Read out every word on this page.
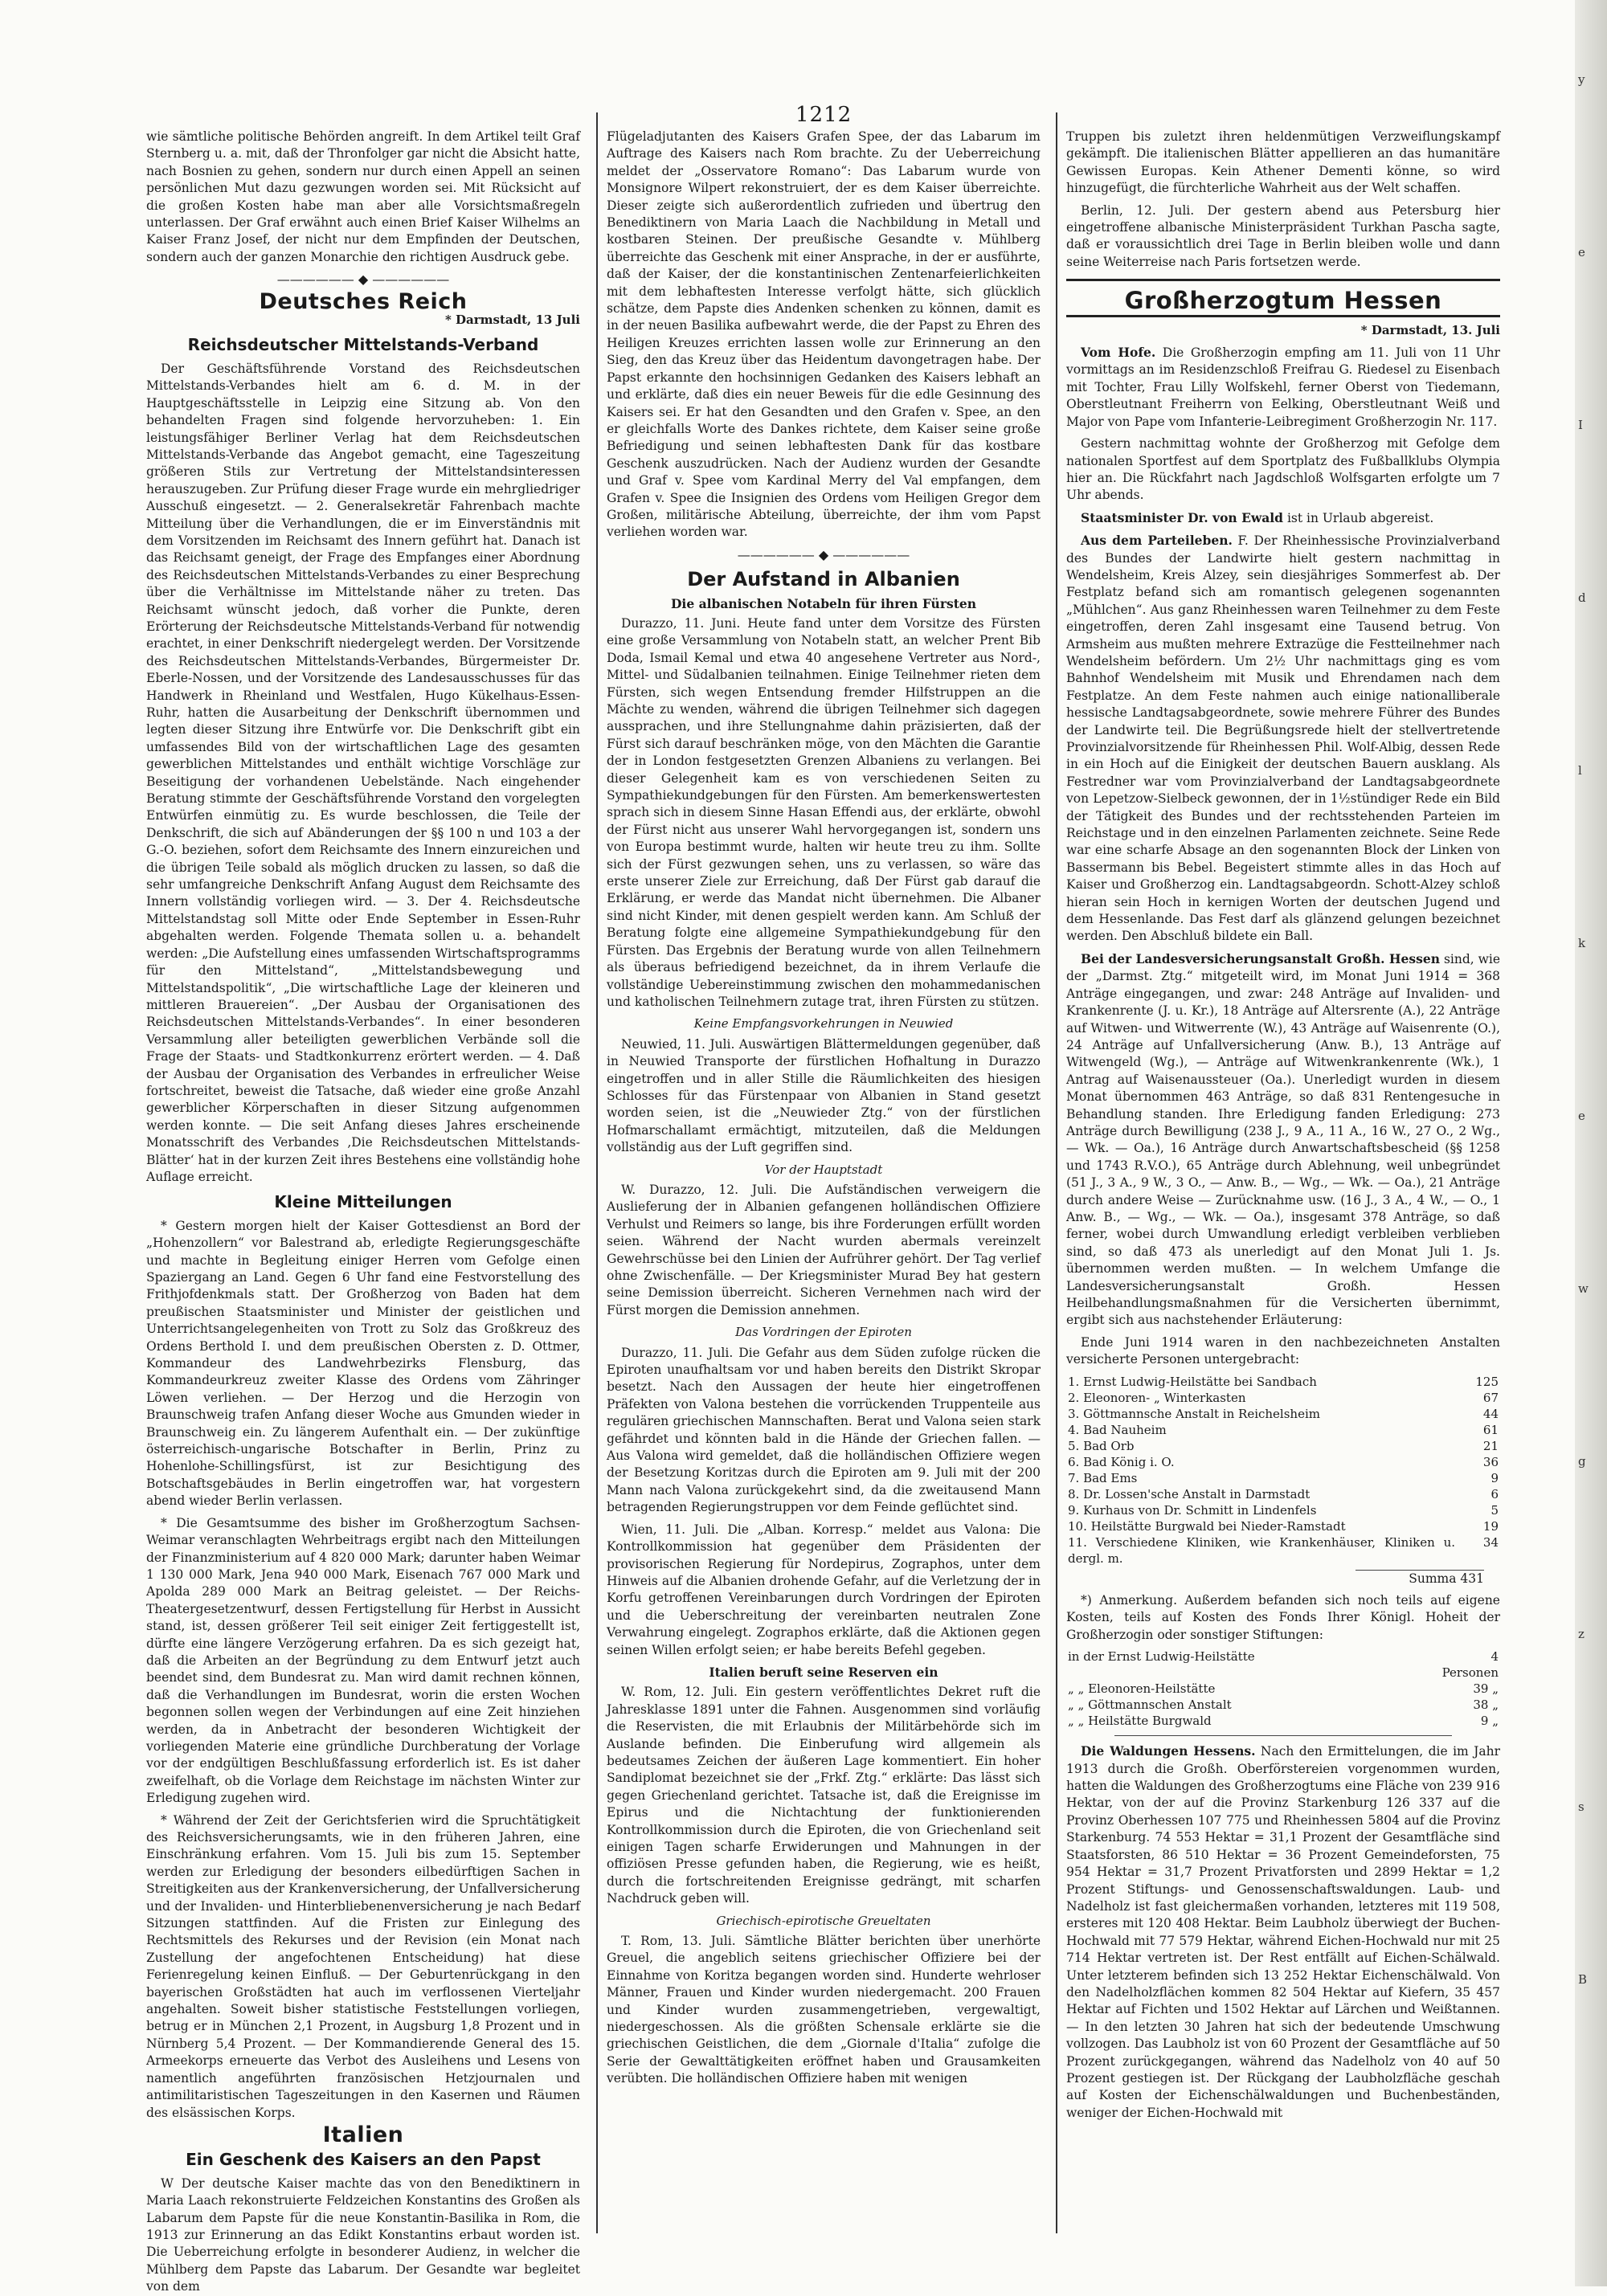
1212

wie sämtliche politische Behörden angreift. In dem Artikel teilt Graf Sternberg u. a. mit, daß der Thronfolger gar nicht die Absicht hatte, nach Bosnien zu gehen, sondern nur durch einen Appell an seinen persönlichen Mut dazu gezwungen worden sei. Mit Rücksicht auf die großen Kosten habe man aber alle Vorsichtsmaßregeln unterlassen. Der Graf erwähnt auch einen Brief Kaiser Wilhelms an Kaiser Franz Josef, der nicht nur dem Empfinden der Deutschen, sondern auch der ganzen Monarchie den richtigen Ausdruck gebe.

—————— ◆ ——————
Deutsches Reich
* Darmstadt, 13 Juli
Reichsdeutscher Mittelstands-Verband

Der Geschäftsführende Vorstand des Reichsdeutschen Mittelstands-Verbandes hielt am 6. d. M. in der Hauptgeschäftsstelle in Leipzig eine Sitzung ab. Von den behandelten Fragen sind folgende hervorzuheben: 1. Ein leistungsfähiger Berliner Verlag hat dem Reichsdeutschen Mittelstands-Verbande das Angebot gemacht, eine Tageszeitung größeren Stils zur Vertretung der Mittelstandsinteressen herauszugeben. Zur Prüfung dieser Frage wurde ein mehrgliedriger Ausschuß eingesetzt. — 2. Generalsekretär Fahrenbach machte Mitteilung über die Verhandlungen, die er im Einverständnis mit dem Vorsitzenden im Reichsamt des Innern geführt hat. Danach ist das Reichsamt geneigt, der Frage des Empfanges einer Abordnung des Reichsdeutschen Mittelstands-Verbandes zu einer Besprechung über die Verhältnisse im Mittelstande näher zu treten. Das Reichsamt wünscht jedoch, daß vorher die Punkte, deren Erörterung der Reichsdeutsche Mittelstands-Verband für notwendig erachtet, in einer Denkschrift niedergelegt werden. Der Vorsitzende des Reichsdeutschen Mittelstands-Verbandes, Bürgermeister Dr. Eberle-Nossen, und der Vorsitzende des Landesausschusses für das Handwerk in Rheinland und Westfalen, Hugo Kükelhaus-Essen-Ruhr, hatten die Ausarbeitung der Denkschrift übernommen und legten dieser Sitzung ihre Entwürfe vor. Die Denkschrift gibt ein umfassendes Bild von der wirtschaftlichen Lage des gesamten gewerblichen Mittelstandes und enthält wichtige Vorschläge zur Beseitigung der vorhandenen Uebelstände. Nach eingehender Beratung stimmte der Geschäftsführende Vorstand den vorgelegten Entwürfen einmütig zu. Es wurde beschlossen, die Teile der Denkschrift, die sich auf Abänderungen der §§ 100 n und 103 a der G.-O. beziehen, sofort dem Reichsamte des Innern einzureichen und die übrigen Teile sobald als möglich drucken zu lassen, so daß die sehr umfangreiche Denkschrift Anfang August dem Reichsamte des Innern vollständig vorliegen wird. — 3. Der 4. Reichsdeutsche Mittelstandstag soll Mitte oder Ende September in Essen-Ruhr abgehalten werden. Folgende Themata sollen u. a. behandelt werden: „Die Aufstellung eines umfassenden Wirtschaftsprogramms für den Mittelstand“, „Mittelstandsbewegung und Mittelstandspolitik“, „Die wirtschaftliche Lage der kleineren und mittleren Brauereien“. „Der Ausbau der Organisationen des Reichsdeutschen Mittelstands-Verbandes“. In einer besonderen Versammlung aller beteiligten gewerblichen Verbände soll die Frage der Staats- und Stadtkonkurrenz erörtert werden. — 4. Daß der Ausbau der Organisation des Verbandes in erfreulicher Weise fortschreitet, beweist die Tatsache, daß wieder eine große Anzahl gewerblicher Körperschaften in dieser Sitzung aufgenommen werden konnte. — Die seit Anfang dieses Jahres erscheinende Monatsschrift des Verbandes ‚Die Reichsdeutschen Mittelstands-Blätter‘ hat in der kurzen Zeit ihres Bestehens eine vollständig hohe Auflage erreicht.

Kleine Mitteilungen

* Gestern morgen hielt der Kaiser Gottesdienst an Bord der „Hohenzollern“ vor Balestrand ab, erledigte Regierungsgeschäfte und machte in Begleitung einiger Herren vom Gefolge einen Spaziergang an Land. Gegen 6 Uhr fand eine Festvorstellung des Frithjofdenkmals statt. Der Großherzog von Baden hat dem preußischen Staatsminister und Minister der geistlichen und Unterrichtsangelegenheiten von Trott zu Solz das Großkreuz des Ordens Berthold I. und dem preußischen Obersten z. D. Ottmer, Kommandeur des Landwehrbezirks Flensburg, das Kommandeurkreuz zweiter Klasse des Ordens vom Zähringer Löwen verliehen. — Der Herzog und die Herzogin von Braunschweig trafen Anfang dieser Woche aus Gmunden wieder in Braunschweig ein. Zu längerem Aufenthalt ein. — Der zukünftige österreichisch-ungarische Botschafter in Berlin, Prinz zu Hohenlohe-Schillingsfürst, ist zur Besichtigung des Botschaftsgebäudes in Berlin eingetroffen war, hat vorgestern abend wieder Berlin verlassen.

* Die Gesamtsumme des bisher im Großherzogtum Sachsen-Weimar veranschlagten Wehrbeitrags ergibt nach den Mitteilungen der Finanzministerium auf 4 820 000 Mark; darunter haben Weimar 1 130 000 Mark, Jena 940 000 Mark, Eisenach 767 000 Mark und Apolda 289 000 Mark an Beitrag geleistet. — Der Reichs-Theatergesetzentwurf, dessen Fertigstellung für Herbst in Aussicht stand, ist, dessen größerer Teil seit einiger Zeit fertiggestellt ist, dürfte eine längere Verzögerung erfahren. Da es sich gezeigt hat, daß die Arbeiten an der Begründung zu dem Entwurf jetzt auch beendet sind, dem Bundesrat zu. Man wird damit rechnen können, daß die Verhandlungen im Bundesrat, worin die ersten Wochen begonnen sollen wegen der Verbindungen auf eine Zeit hinziehen werden, da in Anbetracht der besonderen Wichtigkeit der vorliegenden Materie eine gründliche Durchberatung der Vorlage vor der endgültigen Beschlußfassung erforderlich ist. Es ist daher zweifelhaft, ob die Vorlage dem Reichstage im nächsten Winter zur Erledigung zugehen wird.

* Während der Zeit der Gerichtsferien wird die Spruchtätigkeit des Reichsversicherungsamts, wie in den früheren Jahren, eine Einschränkung erfahren. Vom 15. Juli bis zum 15. September werden zur Erledigung der besonders eilbedürftigen Sachen in Streitigkeiten aus der Krankenversicherung, der Unfallversicherung und der Invaliden- und Hinterbliebenenversicherung je nach Bedarf Sitzungen stattfinden. Auf die Fristen zur Einlegung des Rechtsmittels des Rekurses und der Revision (ein Monat nach Zustellung der angefochtenen Entscheidung) hat diese Ferienregelung keinen Einfluß. — Der Geburtenrückgang in den bayerischen Großstädten hat auch im verflossenen Vierteljahr angehalten. Soweit bisher statistische Feststellungen vorliegen, betrug er in München 2,1 Prozent, in Augsburg 1,8 Prozent und in Nürnberg 5,4 Prozent. — Der Kommandierende General des 15. Armeekorps erneuerte das Verbot des Ausleihens und Lesens von namentlich angeführten französischen Hetzjournalen und antimilitaristischen Tageszeitungen in den Kasernen und Räumen des elsässischen Korps.

Italien
Ein Geschenk des Kaisers an den Papst

W Der deutsche Kaiser machte das von den Benediktinern in Maria Laach rekonstruierte Feldzeichen Konstantins des Großen als Labarum dem Papste für die neue Konstantin-Basilika in Rom, die 1913 zur Erinnerung an das Edikt Konstantins erbaut worden ist. Die Ueberreichung erfolgte in besonderer Audienz, in welcher die Mühlberg dem Papste das Labarum. Der Gesandte war begleitet von dem

Flügeladjutanten des Kaisers Grafen Spee, der das Labarum im Auftrage des Kaisers nach Rom brachte. Zu der Ueberreichung meldet der „Osservatore Romano“: Das Labarum wurde von Monsignore Wilpert rekonstruiert, der es dem Kaiser überreichte. Dieser zeigte sich außerordentlich zufrieden und übertrug den Benediktinern von Maria Laach die Nachbildung in Metall und kostbaren Steinen. Der preußische Gesandte v. Mühlberg überreichte das Geschenk mit einer Ansprache, in der er ausführte, daß der Kaiser, der die konstantinischen Zentenarfeierlichkeiten mit dem lebhaftesten Interesse verfolgt hätte, sich glücklich schätze, dem Papste dies Andenken schenken zu können, damit es in der neuen Basilika aufbewahrt werde, die der Papst zu Ehren des Heiligen Kreuzes errichten lassen wolle zur Erinnerung an den Sieg, den das Kreuz über das Heidentum davongetragen habe. Der Papst erkannte den hochsinnigen Gedanken des Kaisers lebhaft an und erklärte, daß dies ein neuer Beweis für die edle Gesinnung des Kaisers sei. Er hat den Gesandten und den Grafen v. Spee, an den er gleichfalls Worte des Dankes richtete, dem Kaiser seine große Befriedigung und seinen lebhaftesten Dank für das kostbare Geschenk auszudrücken. Nach der Audienz wurden der Gesandte und Graf v. Spee vom Kardinal Merry del Val empfangen, dem Grafen v. Spee die Insignien des Ordens vom Heiligen Gregor dem Großen, militärische Abteilung, überreichte, der ihm vom Papst verliehen worden war.

—————— ◆ ——————
Der Aufstand in Albanien
Die albanischen Notabeln für ihren Fürsten

Durazzo, 11. Juni. Heute fand unter dem Vorsitze des Fürsten eine große Versammlung von Notabeln statt, an welcher Prent Bib Doda, Ismail Kemal und etwa 40 angesehene Vertreter aus Nord-, Mittel- und Südalbanien teilnahmen. Einige Teilnehmer rieten dem Fürsten, sich wegen Entsendung fremder Hilfstruppen an die Mächte zu wenden, während die übrigen Teilnehmer sich dagegen aussprachen, und ihre Stellungnahme dahin präzisierten, daß der Fürst sich darauf beschränken möge, von den Mächten die Garantie der in London festgesetzten Grenzen Albaniens zu verlangen. Bei dieser Gelegenheit kam es von verschiedenen Seiten zu Sympathiekundgebungen für den Fürsten. Am bemerkenswertesten sprach sich in diesem Sinne Hasan Effendi aus, der erklärte, obwohl der Fürst nicht aus unserer Wahl hervorgegangen ist, sondern uns von Europa bestimmt wurde, halten wir heute treu zu ihm. Sollte sich der Fürst gezwungen sehen, uns zu verlassen, so wäre das erste unserer Ziele zur Erreichung, daß Der Fürst gab darauf die Erklärung, er werde das Mandat nicht übernehmen. Die Albaner sind nicht Kinder, mit denen gespielt werden kann. Am Schluß der Beratung folgte eine allgemeine Sympathiekundgebung für den Fürsten. Das Ergebnis der Beratung wurde von allen Teilnehmern als überaus befriedigend bezeichnet, da in ihrem Verlaufe die vollständige Uebereinstimmung zwischen den mohammedanischen und katholischen Teilnehmern zutage trat, ihren Fürsten zu stützen.

Keine Empfangsvorkehrungen in Neuwied

Neuwied, 11. Juli. Auswärtigen Blättermeldungen gegenüber, daß in Neuwied Transporte der fürstlichen Hofhaltung in Durazzo eingetroffen und in aller Stille die Räumlichkeiten des hiesigen Schlosses für das Fürstenpaar von Albanien in Stand gesetzt worden seien, ist die „Neuwieder Ztg.“ von der fürstlichen Hofmarschallamt ermächtigt, mitzuteilen, daß die Meldungen vollständig aus der Luft gegriffen sind.

Vor der Hauptstadt

W. Durazzo, 12. Juli. Die Aufständischen verweigern die Auslieferung der in Albanien gefangenen holländischen Offiziere Verhulst und Reimers so lange, bis ihre Forderungen erfüllt worden seien. Während der Nacht wurden abermals vereinzelt Gewehrschüsse bei den Linien der Aufrührer gehört. Der Tag verlief ohne Zwischenfälle. — Der Kriegsminister Murad Bey hat gestern seine Demission überreicht. Sicheren Vernehmen nach wird der Fürst morgen die Demission annehmen.

Das Vordringen der Epiroten

Durazzo, 11. Juli. Die Gefahr aus dem Süden zufolge rücken die Epiroten unaufhaltsam vor und haben bereits den Distrikt Skropar besetzt. Nach den Aussagen der heute hier eingetroffenen Präfekten von Valona bestehen die vorrückenden Truppenteile aus regulären griechischen Mannschaften. Berat und Valona seien stark gefährdet und könnten bald in die Hände der Griechen fallen. — Aus Valona wird gemeldet, daß die holländischen Offiziere wegen der Besetzung Koritzas durch die Epiroten am 9. Juli mit der 200 Mann nach Valona zurückgekehrt sind, da die zweitausend Mann betragenden Regierungstruppen vor dem Feinde geflüchtet sind.

Wien, 11. Juli. Die „Alban. Korresp.“ meldet aus Valona: Die Kontrollkommission hat gegenüber dem Präsidenten der provisorischen Regierung für Nordepirus, Zographos, unter dem Hinweis auf die Albanien drohende Gefahr, auf die Verletzung der in Korfu getroffenen Vereinbarungen durch Vordringen der Epiroten und die Ueberschreitung der vereinbarten neutralen Zone Verwahrung eingelegt. Zographos erklärte, daß die Aktionen gegen seinen Willen erfolgt seien; er habe bereits Befehl gegeben.

Italien beruft seine Reserven ein

W. Rom, 12. Juli. Ein gestern veröffentlichtes Dekret ruft die Jahresklasse 1891 unter die Fahnen. Ausgenommen sind vorläufig die Reservisten, die mit Erlaubnis der Militärbehörde sich im Auslande befinden. Die Einberufung wird allgemein als bedeutsames Zeichen der äußeren Lage kommentiert. Ein hoher Sandiplomat bezeichnet sie der „Frkf. Ztg.“ erklärte: Das lässt sich gegen Griechenland gerichtet. Tatsache ist, daß die Ereignisse im Epirus und die Nichtachtung der funktionierenden Kontrollkommission durch die Epiroten, die von Griechenland seit einigen Tagen scharfe Erwiderungen und Mahnungen in der offiziösen Presse gefunden haben, die Regierung, wie es heißt, durch die fortschreitenden Ereignisse gedrängt, mit scharfen Nachdruck geben will.

Griechisch-epirotische Greueltaten

T. Rom, 13. Juli. Sämtliche Blätter berichten über unerhörte Greuel, die angeblich seitens griechischer Offiziere bei der Einnahme von Koritza begangen worden sind. Hunderte wehrloser Männer, Frauen und Kinder wurden niedergemacht. 200 Frauen und Kinder wurden zusammengetrieben, vergewaltigt, niedergeschossen. Als die größten Schensale erklärte sie die griechischen Geistlichen, die dem „Giornale d'Italia“ zufolge die Serie der Gewalttätigkeiten eröffnet haben und Grausamkeiten verübten. Die holländischen Offiziere haben mit wenigen

Truppen bis zuletzt ihren heldenmütigen Verzweiflungskampf gekämpft. Die italienischen Blätter appellieren an das humanitäre Gewissen Europas. Kein Athener Dementi könne, so wird hinzugefügt, die fürchterliche Wahrheit aus der Welt schaffen.

Berlin, 12. Juli. Der gestern abend aus Petersburg hier eingetroffene albanische Ministerpräsident Turkhan Pascha sagte, daß er voraussichtlich drei Tage in Berlin bleiben wolle und dann seine Weiterreise nach Paris fortsetzen werde.

Großherzogtum Hessen
* Darmstadt, 13. Juli

Vom Hofe. Die Großherzogin empfing am 11. Juli von 11 Uhr vormittags an im Residenzschloß Freifrau G. Riedesel zu Eisenbach mit Tochter, Frau Lilly Wolfskehl, ferner Oberst von Tiedemann, Oberstleutnant Freiherrn von Eelking, Oberstleutnant Weiß und Major von Pape vom Infanterie-Leibregiment Großherzogin Nr. 117.

Gestern nachmittag wohnte der Großherzog mit Gefolge dem nationalen Sportfest auf dem Sportplatz des Fußballklubs Olympia hier an. Die Rückfahrt nach Jagdschloß Wolfsgarten erfolgte um 7 Uhr abends.

Staatsminister Dr. von Ewald ist in Urlaub abgereist.

Aus dem Parteileben. F. Der Rheinhessische Provinzialverband des Bundes der Landwirte hielt gestern nachmittag in Wendelsheim, Kreis Alzey, sein diesjähriges Sommerfest ab. Der Festplatz befand sich am romantisch gelegenen sogenannten „Mühlchen“. Aus ganz Rheinhessen waren Teilnehmer zu dem Feste eingetroffen, deren Zahl insgesamt eine Tausend betrug. Von Armsheim aus mußten mehrere Extrazüge die Festteilnehmer nach Wendelsheim befördern. Um 2½ Uhr nachmittags ging es vom Bahnhof Wendelsheim mit Musik und Ehrendamen nach dem Festplatze. An dem Feste nahmen auch einige nationalliberale hessische Landtagsabgeordnete, sowie mehrere Führer des Bundes der Landwirte teil. Die Begrüßungsrede hielt der stellvertretende Provinzialvorsitzende für Rheinhessen Phil. Wolf-Albig, dessen Rede in ein Hoch auf die Einigkeit der deutschen Bauern ausklang. Als Festredner war vom Provinzialverband der Landtagsabgeordnete von Lepetzow-Sielbeck gewonnen, der in 1½stündiger Rede ein Bild der Tätigkeit des Bundes und der rechtsstehenden Parteien im Reichstage und in den einzelnen Parlamenten zeichnete. Seine Rede war eine scharfe Absage an den sogenannten Block der Linken von Bassermann bis Bebel. Begeistert stimmte alles in das Hoch auf Kaiser und Großherzog ein. Landtagsabgeordn. Schott-Alzey schloß hieran sein Hoch in kernigen Worten der deutschen Jugend und dem Hessenlande. Das Fest darf als glänzend gelungen bezeichnet werden. Den Abschluß bildete ein Ball.

Bei der Landesversicherungsanstalt Großh. Hessen sind, wie der „Darmst. Ztg.“ mitgeteilt wird, im Monat Juni 1914 = 368 Anträge eingegangen, und zwar: 248 Anträge auf Invaliden- und Krankenrente (J. u. Kr.), 18 Anträge auf Altersrente (A.), 22 Anträge auf Witwen- und Witwerrente (W.), 43 Anträge auf Waisenrente (O.), 24 Anträge auf Unfallversicherung (Anw. B.), 13 Anträge auf Witwengeld (Wg.), — Anträge auf Witwenkrankenrente (Wk.), 1 Antrag auf Waisenaussteuer (Oa.). Unerledigt wurden in diesem Monat übernommen 463 Anträge, so daß 831 Rentengesuche in Behandlung standen. Ihre Erledigung fanden Erledigung: 273 Anträge durch Bewilligung (238 J., 9 A., 11 A., 16 W., 27 O., 2 Wg., — Wk. — Oa.), 16 Anträge durch Anwartschaftsbescheid (§§ 1258 und 1743 R.V.O.), 65 Anträge durch Ablehnung, weil unbegründet (51 J., 3 A., 9 W., 3 O., — Anw. B., — Wg., — Wk. — Oa.), 21 Anträge durch andere Weise — Zurücknahme usw. (16 J., 3 A., 4 W., — O., 1 Anw. B., — Wg., — Wk. — Oa.), insgesamt 378 Anträge, so daß ferner, wobei durch Umwandlung erledigt verbleiben verblieben sind, so daß 473 als unerledigt auf den Monat Juli 1. Js. übernommen werden mußten. — In welchem Umfange die Landesversicherungsanstalt Großh. Hessen Heilbehandlungsmaßnahmen für die Versicherten übernimmt, ergibt sich aus nachstehender Erläuterung:

Ende Juni 1914 waren in den nachbezeichneten Anstalten versicherte Personen untergebracht:

1. Ernst Ludwig-Heilstätte bei Sandbach	125
2. Eleonoren- „ Winterkasten	67
3. Göttmannsche Anstalt in Reichelsheim	44
4. Bad Nauheim	61
5. Bad Orb	21
6. Bad König i. O.	36
7. Bad Ems	9
8. Dr. Lossen'sche Anstalt in Darmstadt	6
9. Kurhaus von Dr. Schmitt in Lindenfels	5
10. Heilstätte Burgwald bei Nieder-Ramstadt	19
11. Verschiedene Kliniken, wie Krankenhäuser, Kliniken u. dergl. m.	34
Summa 431

*) Anmerkung. Außerdem befanden sich noch teils auf eigene Kosten, teils auf Kosten des Fonds Ihrer Königl. Hoheit der Großherzogin oder sonstiger Stiftungen:

in der Ernst Ludwig-Heilstätte	4 Personen
„ „ Eleonoren-Heilstätte	39 „
„ „ Göttmannschen Anstalt	38 „
„ „ Heilstätte Burgwald	9 „

Die Waldungen Hessens. Nach den Ermittelungen, die im Jahr 1913 durch die Großh. Oberförstereien vorgenommen wurden, hatten die Waldungen des Großherzogtums eine Fläche von 239 916 Hektar, von der auf die Provinz Starkenburg 126 337 auf die Provinz Oberhessen 107 775 und Rheinhessen 5804 auf die Provinz Starkenburg. 74 553 Hektar = 31,1 Prozent der Gesamtfläche sind Staatsforsten, 86 510 Hektar = 36 Prozent Gemeindeforsten, 75 954 Hektar = 31,7 Prozent Privatforsten und 2899 Hektar = 1,2 Prozent Stiftungs- und Genossenschaftswaldungen. Laub- und Nadelholz ist fast gleichermaßen vorhanden, letzteres mit 119 508, ersteres mit 120 408 Hektar. Beim Laubholz überwiegt der Buchen-Hochwald mit 77 579 Hektar, während Eichen-Hochwald nur mit 25 714 Hektar vertreten ist. Der Rest entfällt auf Eichen-Schälwald. Unter letzterem befinden sich 13 252 Hektar Eichenschälwald. Von den Nadelholzflächen kommen 82 504 Hektar auf Kiefern, 35 457 Hektar auf Fichten und 1502 Hektar auf Lärchen und Weißtannen. — In den letzten 30 Jahren hat sich der bedeutende Umschwung vollzogen. Das Laubholz ist von 60 Prozent der Gesamtfläche auf 50 Prozent zurückgegangen, während das Nadelholz von 40 auf 50 Prozent gestiegen ist. Der Rückgang der Laubholzfläche geschah auf Kosten der Eichenschälwaldungen und Buchenbeständen, weniger der Eichen-Hochwald mit

y
e
I
d
l
k
e
w
g
z
s
B
